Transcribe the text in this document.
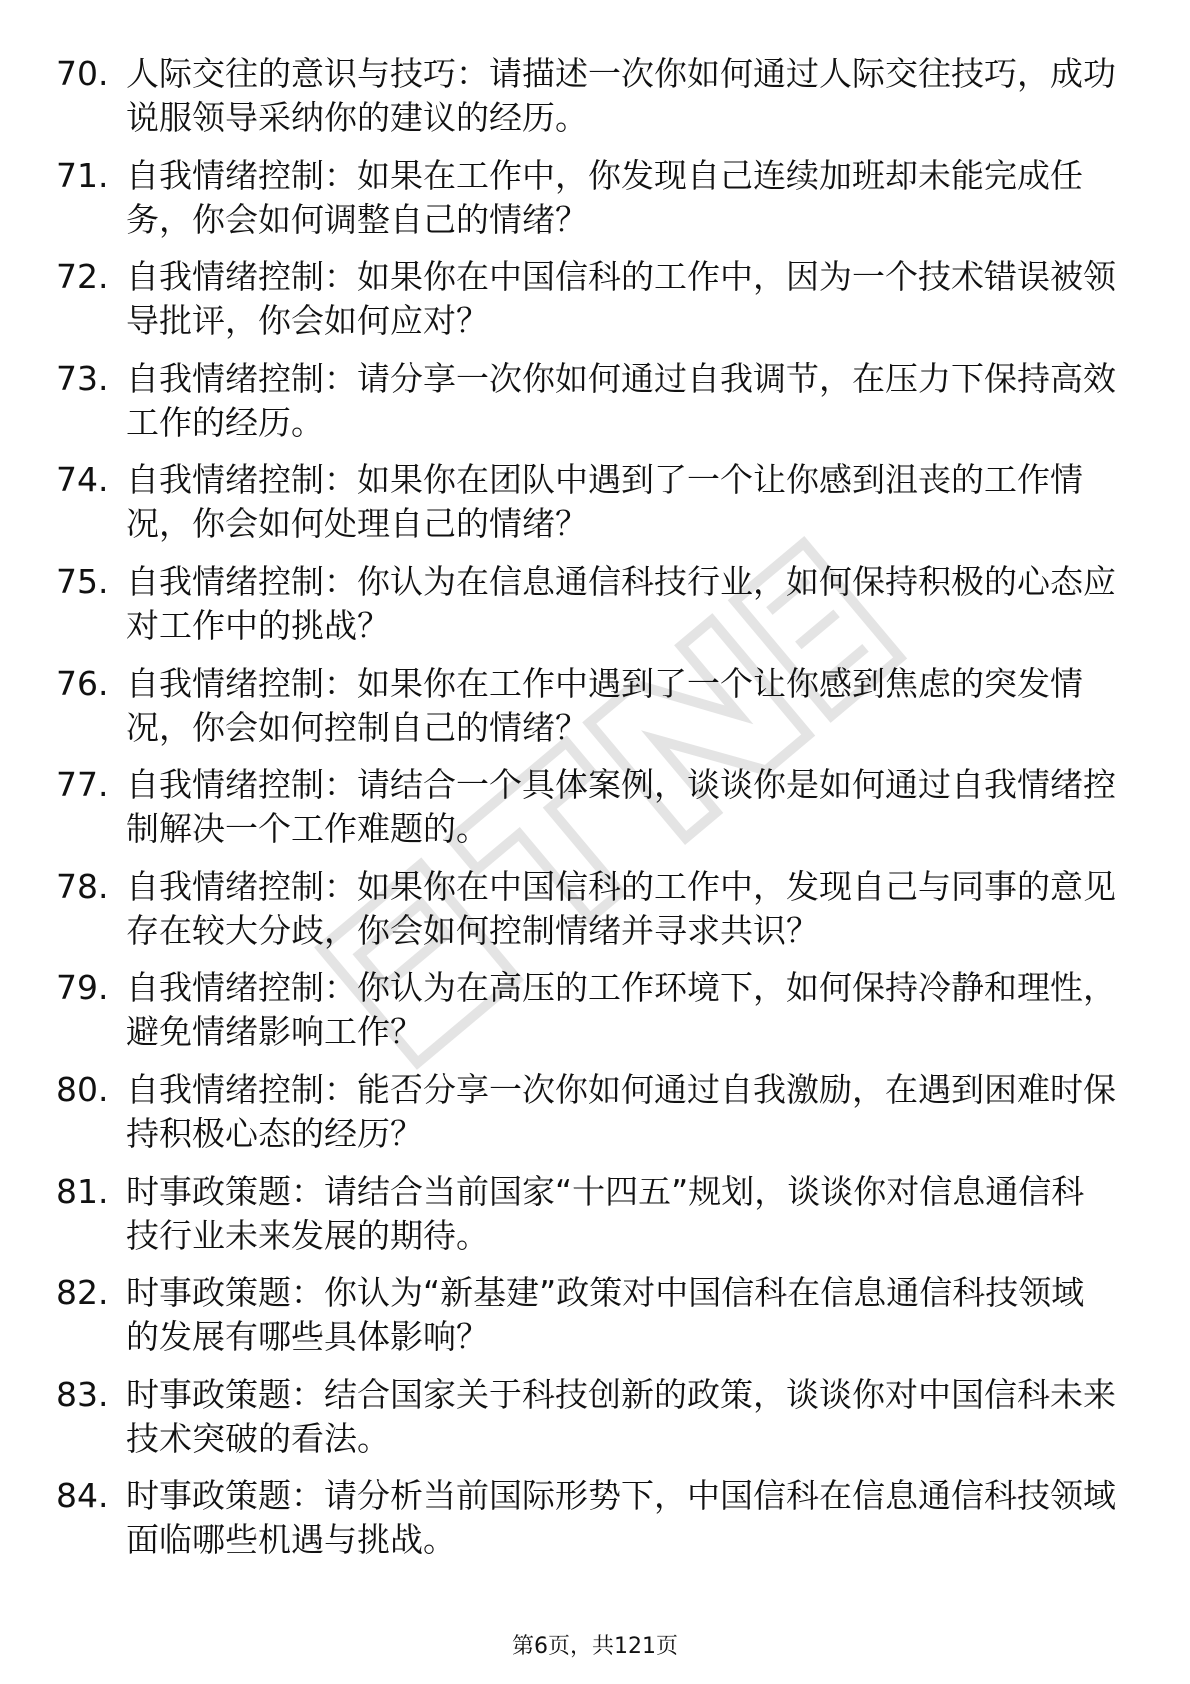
70. 人际交往的意识与技巧：请描述一次你如何通过人际交往技巧，成功说服领导采纳你的建议的经历。
71. 自我情绪控制：如果在工作中，你发现自己连续加班却未能完成任务，你会如何调整自己的情绪？
72. 自我情绪控制：如果你在中国信科的工作中，因为一个技术错误被领导批评，你会如何应对？
73. 自我情绪控制：请分享一次你如何通过自我调节，在压力下保持高效工作的经历。
74. 自我情绪控制：如果你在团队中遇到了一个让你感到沮丧的工作情况，你会如何处理自己的情绪？
75. 自我情绪控制：你认为在信息通信科技行业，如何保持积极的心态应对工作中的挑战？
76. 自我情绪控制：如果你在工作中遇到了一个让你感到焦虑的突发情况，你会如何控制自己的情绪？
77. 自我情绪控制：请结合一个具体案例，谈谈你是如何通过自我情绪控制解决一个工作难题的。
78. 自我情绪控制：如果你在中国信科的工作中，发现自己与同事的意见存在较大分歧，你会如何控制情绪并寻求共识？
79. 自我情绪控制：你认为在高压的工作环境下，如何保持冷静和理性，避免情绪影响工作？
80. 自我情绪控制：能否分享一次你如何通过自我激励，在遇到困难时保持积极心态的经历？
81. 时事政策题：请结合当前国家“十四五”规划，谈谈你对信息通信科技行业未来发展的期待。
82. 时事政策题：你认为“新基建”政策对中国信科在信息通信科技领域的发展有哪些具体影响？
83. 时事政策题：结合国家关于科技创新的政策，谈谈你对中国信科未来技术突破的看法。
84. 时事政策题：请分析当前国际形势下，中国信科在信息通信科技领域面临哪些机遇与挑战。
第6页，共121页
